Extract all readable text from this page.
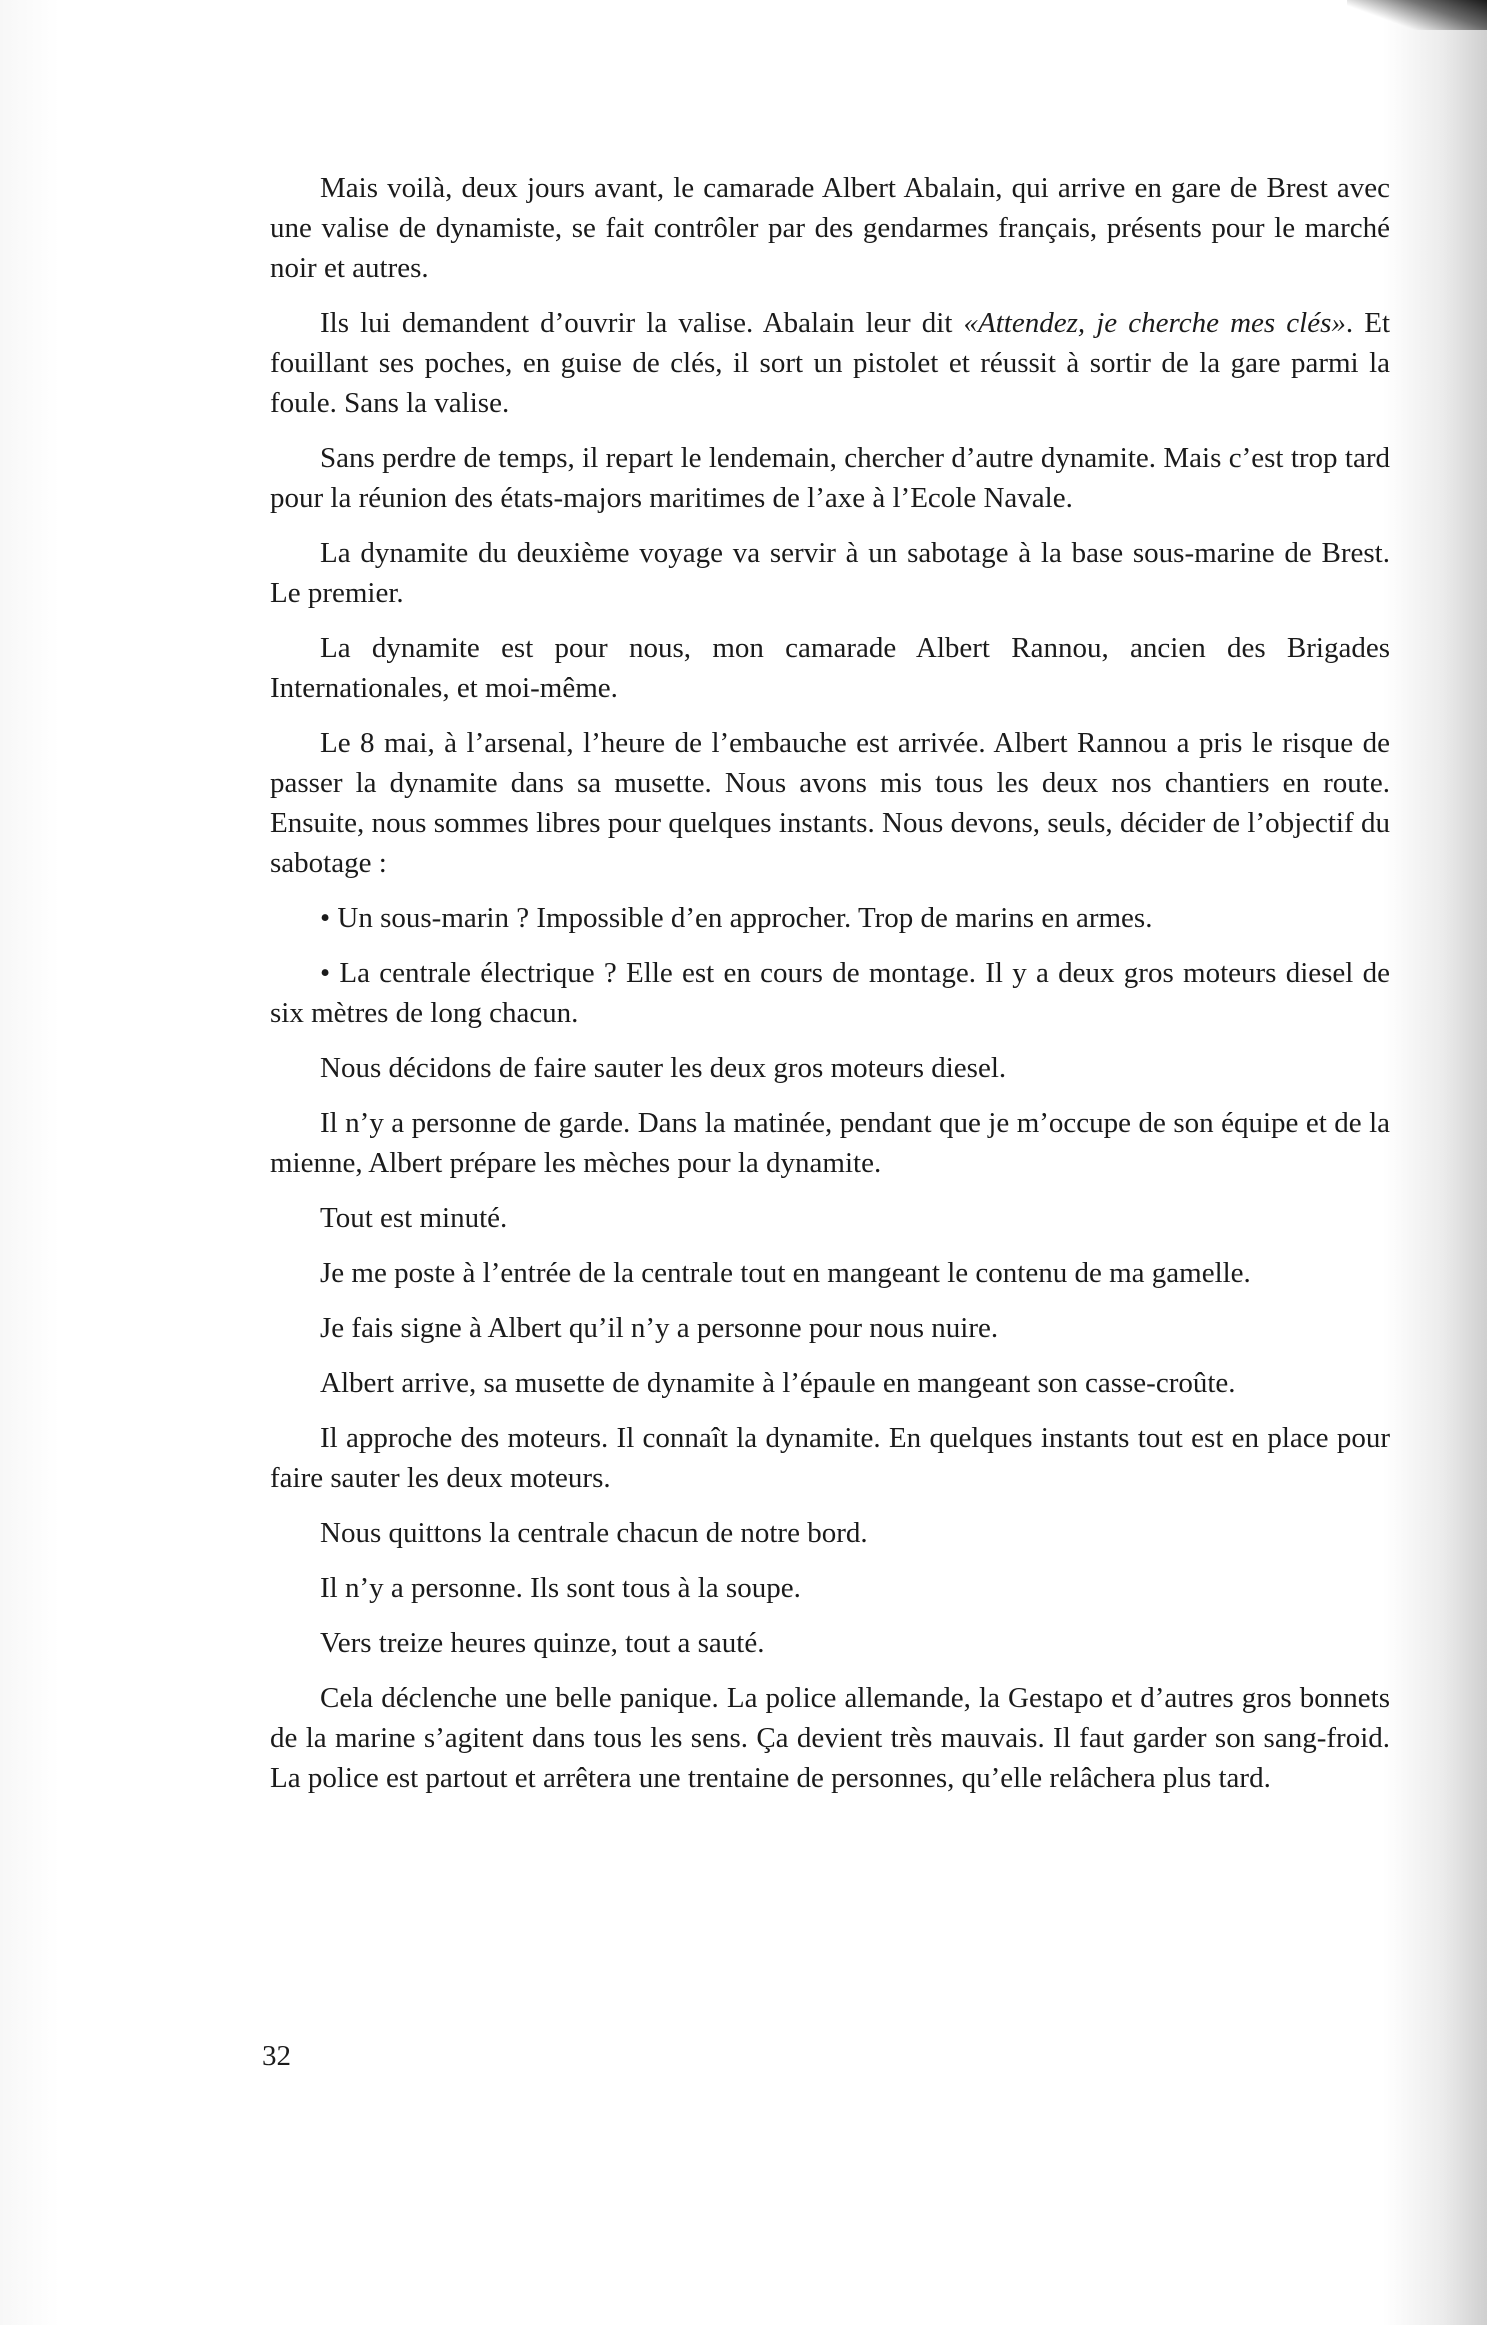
Mais voilà, deux jours avant, le camarade Albert Abalain, qui arrive en gare de Brest avec une valise de dynamiste, se fait contrôler par des gendarmes français, présents pour le marché noir et autres.

Ils lui demandent d’ouvrir la valise. Abalain leur dit «Attendez, je cherche mes clés». Et fouillant ses poches, en guise de clés, il sort un pistolet et réussit à sortir de la gare parmi la foule. Sans la valise.

Sans perdre de temps, il repart le lendemain, chercher d’autre dynamite. Mais c’est trop tard pour la réunion des états-majors maritimes de l’axe à l’Ecole Navale.

La dynamite du deuxième voyage va servir à un sabotage à la base sous-marine de Brest. Le premier.

La dynamite est pour nous, mon camarade Albert Rannou, ancien des Brigades Internationales, et moi-même.

Le 8 mai, à l’arsenal, l’heure de l’embauche est arrivée. Albert Rannou a pris le risque de passer la dynamite dans sa musette. Nous avons mis tous les deux nos chantiers en route. Ensuite, nous sommes libres pour quelques instants. Nous devons, seuls, décider de l’objectif du sabotage :

• Un sous-marin ? Impossible d’en approcher. Trop de marins en armes.

• La centrale électrique ? Elle est en cours de montage. Il y a deux gros moteurs diesel de six mètres de long chacun.

Nous décidons de faire sauter les deux gros moteurs diesel.

Il n’y a personne de garde. Dans la matinée, pendant que je m’occupe de son équipe et de la mienne, Albert prépare les mèches pour la dynamite.

Tout est minuté.

Je me poste à l’entrée de la centrale tout en mangeant le contenu de ma gamelle.

Je fais signe à Albert qu’il n’y a personne pour nous nuire.

Albert arrive, sa musette de dynamite à l’épaule en mangeant son casse-croûte.

Il approche des moteurs. Il connaît la dynamite. En quelques instants tout est en place pour faire sauter les deux moteurs.

Nous quittons la centrale chacun de notre bord.

Il n’y a personne. Ils sont tous à la soupe.

Vers treize heures quinze, tout a sauté.

Cela déclenche une belle panique. La police allemande, la Gestapo et d’autres gros bonnets de la marine s’agitent dans tous les sens. Ça devient très mauvais. Il faut garder son sang-froid. La police est partout et arrêtera une trentaine de personnes, qu’elle relâchera plus tard.

32
